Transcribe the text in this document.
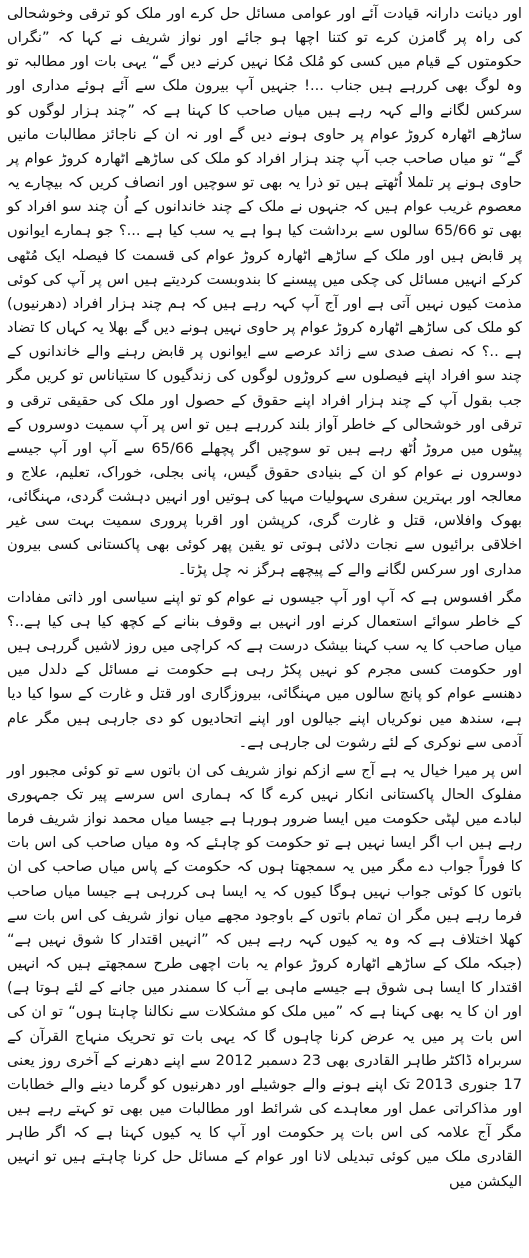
اور دیانت دارانہ قیادت آئے اور عوامی مسائل حل کرے اور ملک کو ترقی وخوشحالی کی راہ پر گامزن کرے تو کتنا اچھا ہو جائے اور نواز شریف نے کہا کہ ”نگراں حکومتوں کے قیام میں کسی کو مُلک مُکا نہیں کرنے دیں گے“ یہی بات اور مطالبہ تو وہ لوگ بھی کررہے ہیں جناب ...! جنہیں آپ بیرون ملک سے آئے ہوئے مداری اور سرکس لگانے والے کہہ رہے ہیں میاں صاحب کا کہنا ہے کہ ”چند ہزار لوگوں کو ساڑھے اٹھارہ کروڑ عوام پر حاوی ہونے دیں گے اور نہ ان کے ناجائز مطالبات مانیں گے“ تو میاں صاحب جب آپ چند ہزار افراد کو ملک کی ساڑھے اٹھارہ کروڑ عوام پر حاوی ہونے پر تلملا اُٹھتے ہیں تو ذرا یہ بھی تو سوچیں اور انصاف کریں کہ بیچارے یہ معصوم غریب عوام ہیں کہ جنہوں نے ملک کے چند خاندانوں کے اُن چند سو افراد کو بھی تو 65/66 سالوں سے برداشت کیا ہوا ہے یہ سب کیا ہے ...؟ جو ہمارے ایوانوں پر قابض ہیں اور ملک کے ساڑھے اٹھارہ کروڑ عوام کی قسمت کا فیصلہ ایک مُٹھی کرکے انہیں مسائل کی چکی میں پیسنے کا بندوبست کردیتے ہیں اس پر آپ کی کوئی مذمت کیوں نہیں آتی ہے اور آج آپ کہہ رہے ہیں کہ ہم چند ہزار افراد (دھرنیوں) کو ملک کی ساڑھے اٹھارہ کروڑ عوام پر حاوی نہیں ہونے دیں گے بھلا یہ کہاں کا تضاد ہے ..؟ کہ نصف صدی سے زائد عرصے سے ایوانوں پر قابض رہنے والے خاندانوں کے چند سو افراد اپنے فیصلوں سے کروڑوں لوگوں کی زندگیوں کا ستیاناس تو کریں مگر جب بقول آپ کے چند ہزار افراد اپنے حقوق کے حصول اور ملک کی حقیقی ترقی و ترقی اور خوشحالی کے خاطر آواز بلند کررہے ہیں تو اس پر آپ سمیت دوسروں کے پیٹوں میں مروڑ اُٹھ رہے ہیں تو سوچیں اگر پچھلے 65/66 سے آپ اور آپ جیسے دوسروں نے عوام کو ان کے بنیادی حقوق گیس، پانی بجلی، خوراک، تعلیم، علاج و معالجہ اور بہترین سفری سہولیات مہیا کی ہوتیں اور انہیں دہشت گردی، مہنگائی، بھوک وافلاس، قتل و غارت گری، کرپشن اور اقربا پروری سمیت بہت سی غیر اخلاقی برائیوں سے نجات دلائی ہوتی تو یقین پھر کوئی بھی پاکستانی کسی بیرون مداری اور سرکس لگانے والے کے پیچھے ہرگز نہ چل پڑتا۔

مگر افسوس ہے کہ آپ اور آپ جیسوں نے عوام کو تو اپنے سیاسی اور ذاتی مفادات کے خاطر سوائے استعمال کرنے اور انہیں بے وقوف بنانے کے کچھ کیا ہی کیا ہے..؟ میاں صاحب کا یہ سب کہنا بیشک درست ہے کہ کراچی میں روز لاشیں گررہی ہیں اور حکومت کسی مجرم کو نہیں پکڑ رہی ہے حکومت نے مسائل کے دلدل میں دھنسے عوام کو پانچ سالوں میں مہنگائی، بیروزگاری اور قتل و غارت کے سوا کیا دیا ہے، سندھ میں نوکریاں اپنے جیالوں اور اپنے اتحادیوں کو دی جارہی ہیں مگر عام آدمی سے نوکری کے لئے رشوت لی جارہی ہے۔

اس پر میرا خیال یہ ہے آج سے ازکم نواز شریف کی ان باتوں سے تو کوئی مجبور اور مفلوک الحال پاکستانی انکار نہیں کرے گا کہ ہماری اس سرسے پیر تک جمہوری لبادے میں لپٹی حکومت میں ایسا ضرور ہورہا ہے جیسا میاں محمد نواز شریف فرما رہے ہیں اب اگر ایسا نہیں ہے تو حکومت کو چاہئے کہ وہ میاں صاحب کی اس بات کا فوراً جواب دے مگر میں یہ سمجھتا ہوں کہ حکومت کے پاس میاں صاحب کی ان باتوں کا کوئی جواب نہیں ہوگا کیوں کہ یہ ایسا ہی کررہی ہے جیسا میاں صاحب فرما رہے ہیں مگر ان تمام باتوں کے باوجود مجھے میاں نواز شریف کی اس بات سے کھلا اختلاف ہے کہ وہ یہ کیوں کہہ رہے ہیں کہ ”انہیں اقتدار کا شوق نہیں ہے“ (جبکہ ملک کے ساڑھے اٹھارہ کروڑ عوام یہ بات اچھی طرح سمجھتے ہیں کہ انہیں اقتدار کا ایسا ہی شوق ہے جیسے ماہی بے آب کا سمندر میں جانے کے لئے ہوتا ہے) اور ان کا یہ بھی کہنا ہے کہ ”میں ملک کو مشکلات سے نکالنا چاہتا ہوں“ تو ان کی اس بات پر میں یہ عرض کرنا چاہوں گا کہ یہی بات تو تحریک منہاج القرآن کے سربراہ ڈاکٹر طاہر القادری بھی 23 دسمبر 2012 سے اپنے دھرنے کے آخری روز یعنی 17 جنوری 2013 تک اپنے ہونے والے جوشیلے اور دھرنیوں کو گرما دینے والے خطابات اور مذاکراتی عمل اور معاہدے کی شرائط اور مطالبات میں بھی تو کہتے رہے ہیں مگر آج علامہ کی اس بات پر حکومت اور آپ کا یہ کیوں کہنا ہے کہ اگر طاہر القادری ملک میں کوئی تبدیلی لانا اور عوام کے مسائل حل کرنا چاہتے ہیں تو انہیں الیکشن میں
